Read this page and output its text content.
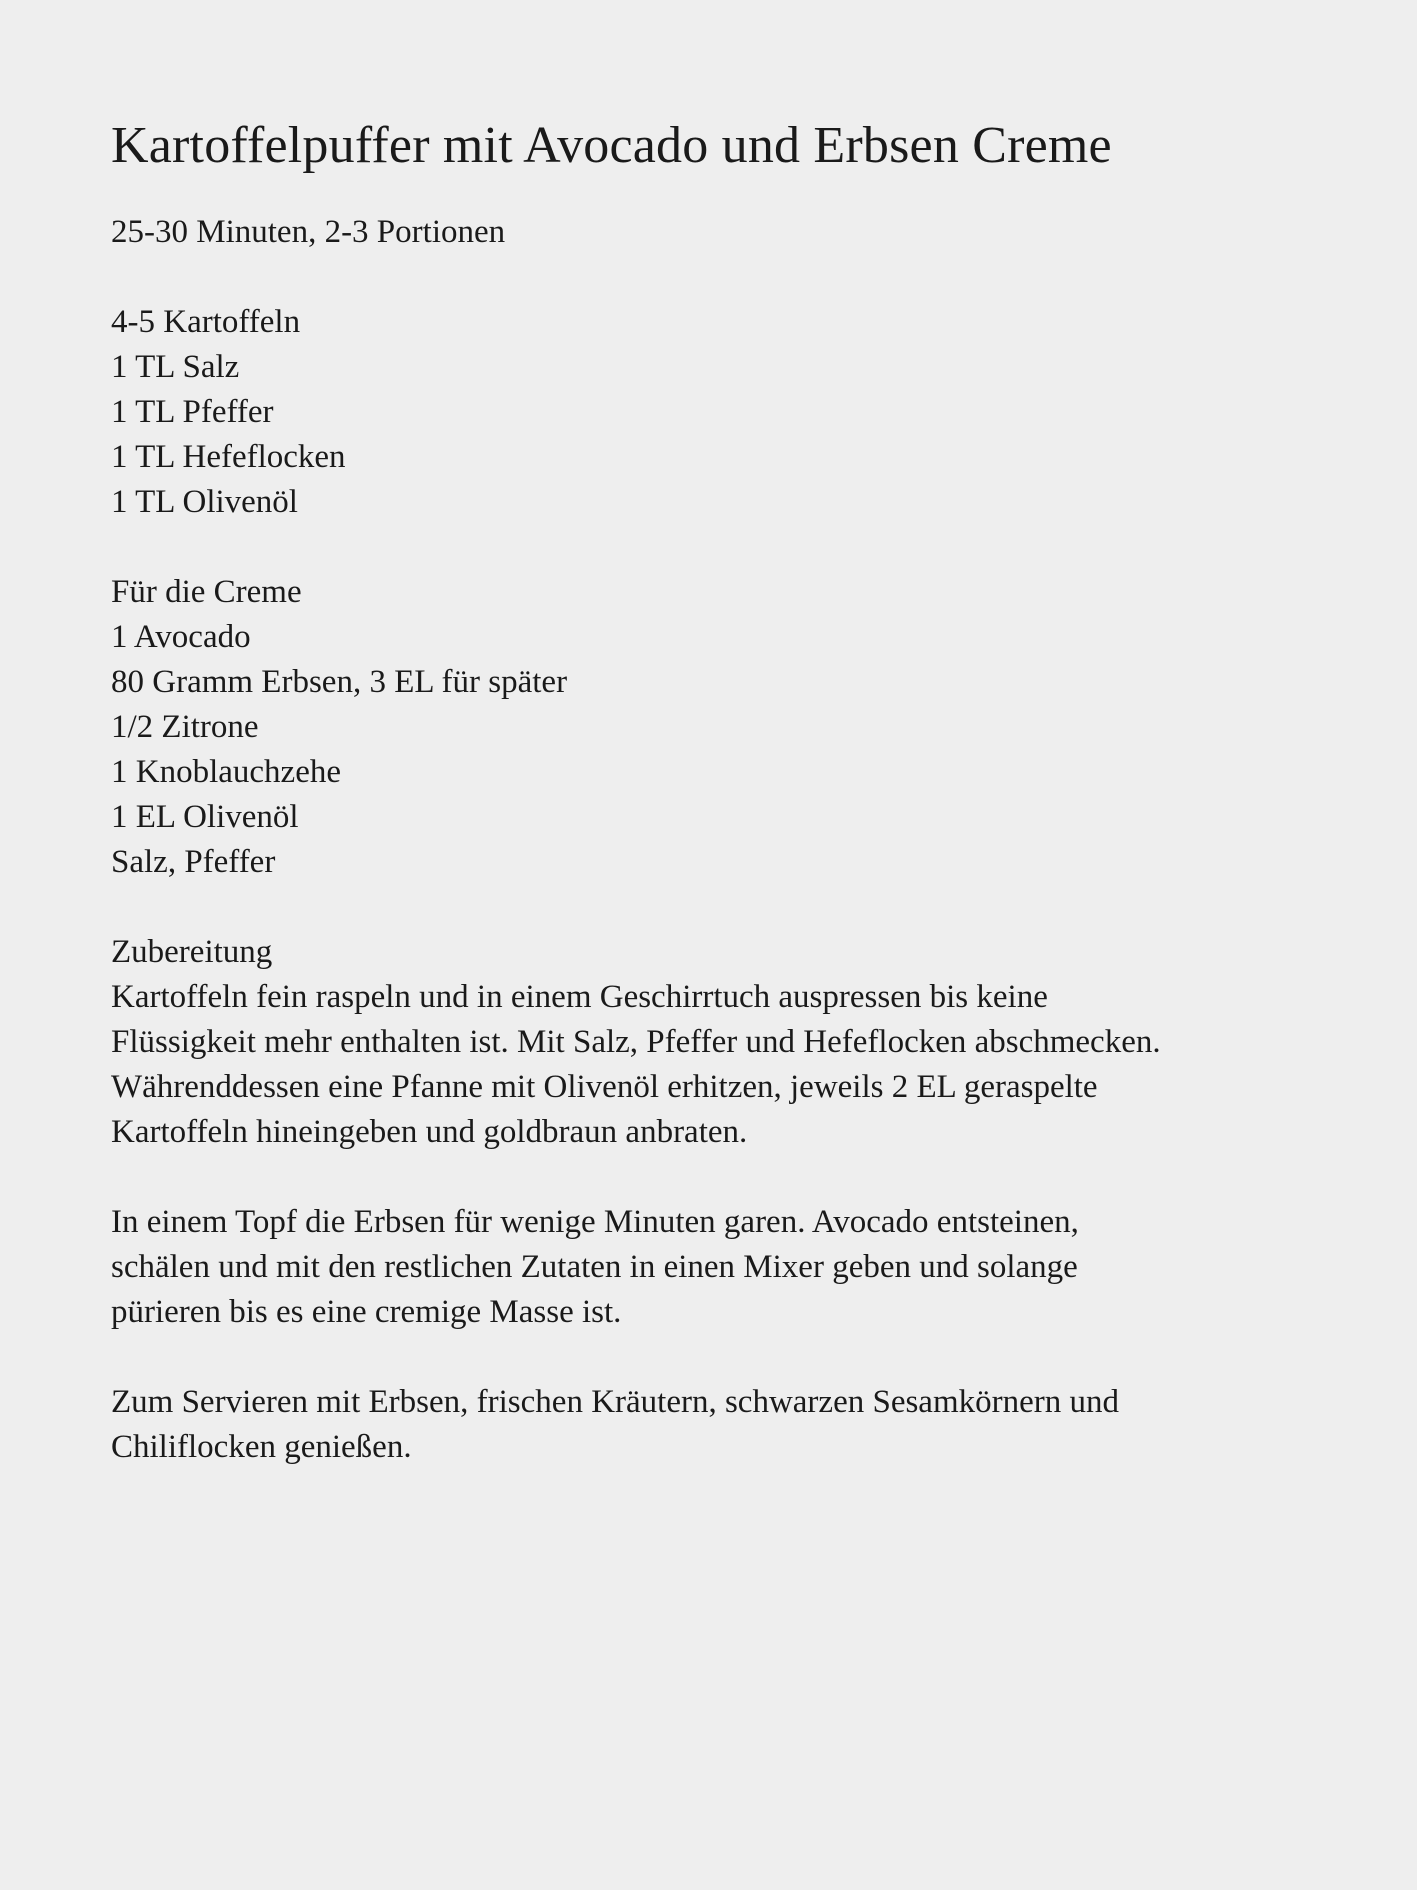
Kartoffelpuffer mit Avocado und Erbsen Creme

25-30 Minuten, 2-3 Portionen

4-5 Kartoffeln
1 TL Salz
1 TL Pfeffer
1 TL Hefeflocken
1 TL Olivenöl
Für die Creme
1 Avocado
80 Gramm Erbsen, 3 EL für später
1/2 Zitrone
1 Knoblauchzehe
1 EL Olivenöl
Salz, Pfeffer
Zubereitung
Kartoffeln fein raspeln und in einem Geschirrtuch auspressen bis keine
Flüssigkeit mehr enthalten ist. Mit Salz, Pfeffer und Hefeflocken abschmecken.
Währenddessen eine Pfanne mit Olivenöl erhitzen, jeweils 2 EL geraspelte
Kartoffeln hineingeben und goldbraun anbraten.
In einem Topf die Erbsen für wenige Minuten garen. Avocado entsteinen,
schälen und mit den restlichen Zutaten in einen Mixer geben und solange
pürieren bis es eine cremige Masse ist.
Zum Servieren mit Erbsen, frischen Kräutern, schwarzen Sesamkörnern und
Chiliflocken genießen.
